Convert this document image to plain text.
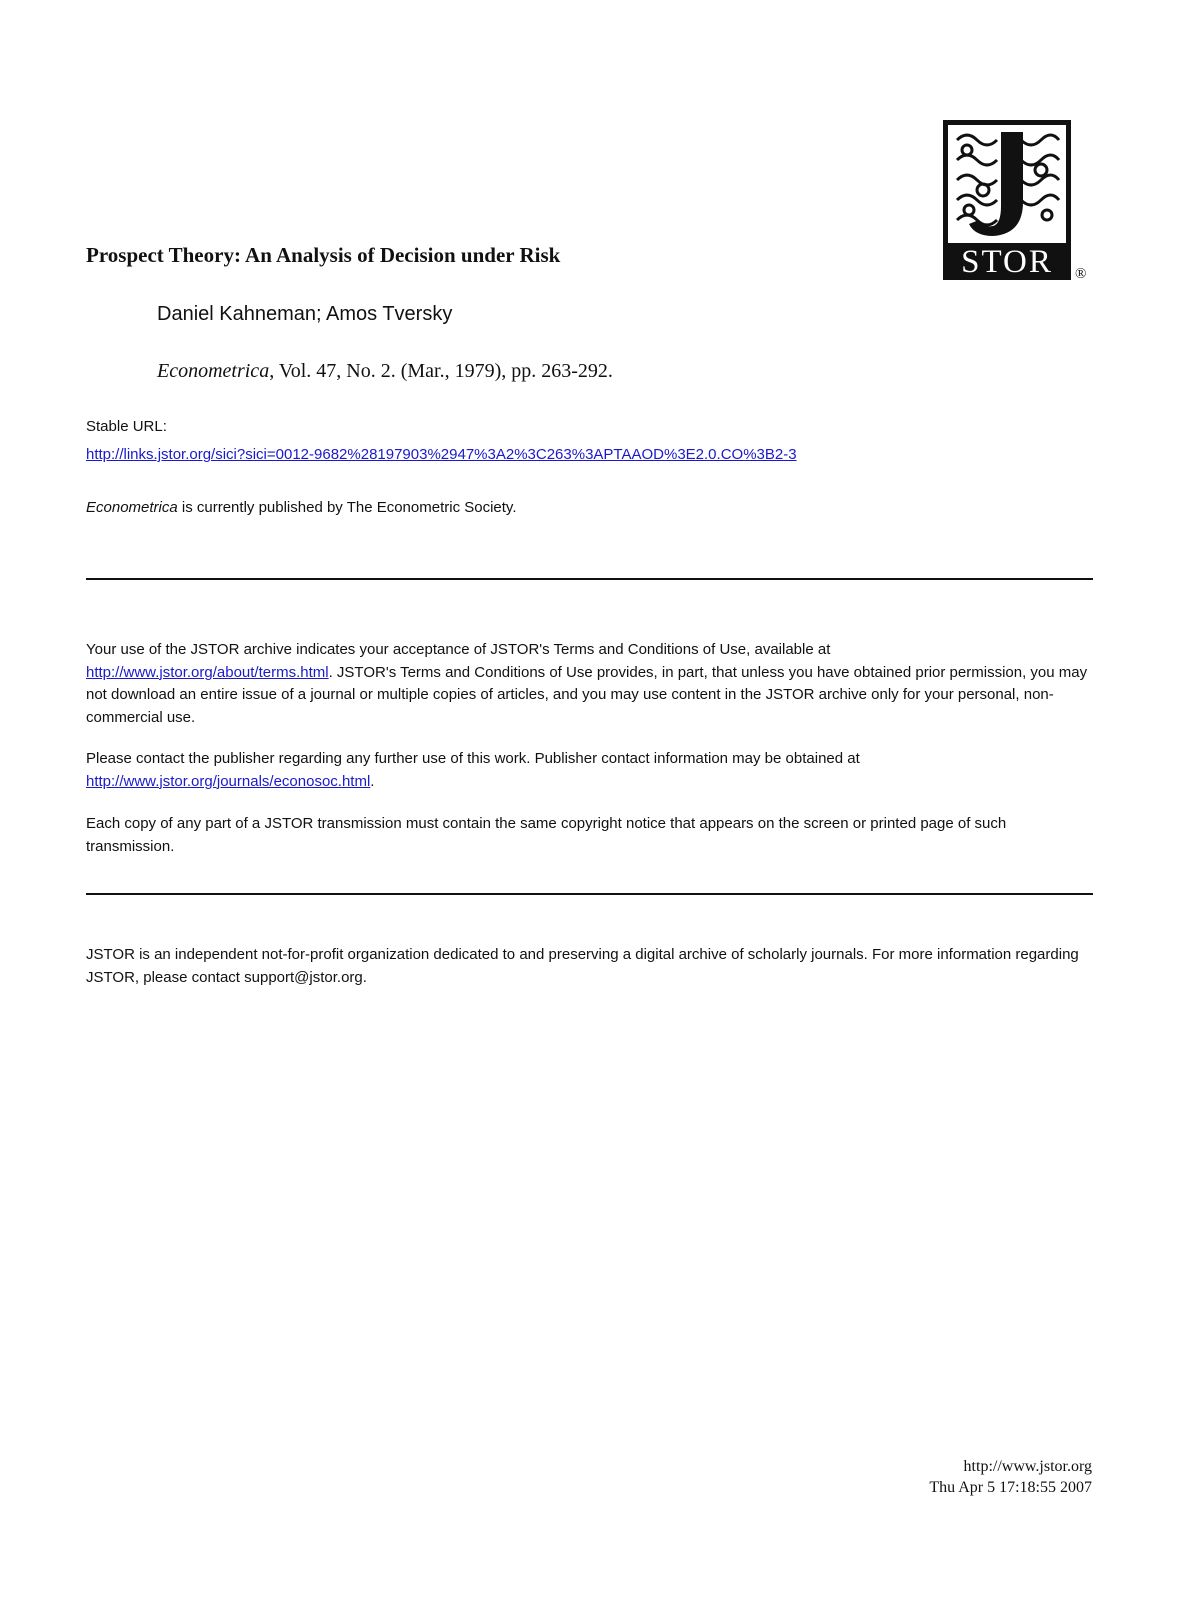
STOR ®
Prospect Theory: An Analysis of Decision under Risk
Daniel Kahneman; Amos Tversky
Econometrica, Vol. 47, No. 2. (Mar., 1979), pp. 263-292.
Stable URL:
http://links.jstor.org/sici?sici=0012-9682%28197903%2947%3A2%3C263%3APTAAOD%3E2.0.CO%3B2-3
Econometrica is currently published by The Econometric Society.
Your use of the JSTOR archive indicates your acceptance of JSTOR's Terms and Conditions of Use, available at
http://www.jstor.org/about/terms.html. JSTOR's Terms and Conditions of Use provides, in part, that unless you have obtained prior permission, you may not download an entire issue of a journal or multiple copies of articles, and you may use content in the JSTOR archive only for your personal, non-commercial use.
Please contact the publisher regarding any further use of this work. Publisher contact information may be obtained at
http://www.jstor.org/journals/econosoc.html.
Each copy of any part of a JSTOR transmission must contain the same copyright notice that appears on the screen or printed page of such transmission.
JSTOR is an independent not-for-profit organization dedicated to and preserving a digital archive of scholarly journals. For more information regarding JSTOR, please contact support@jstor.org.
http://www.jstor.org
Thu Apr 5 17:18:55 2007
